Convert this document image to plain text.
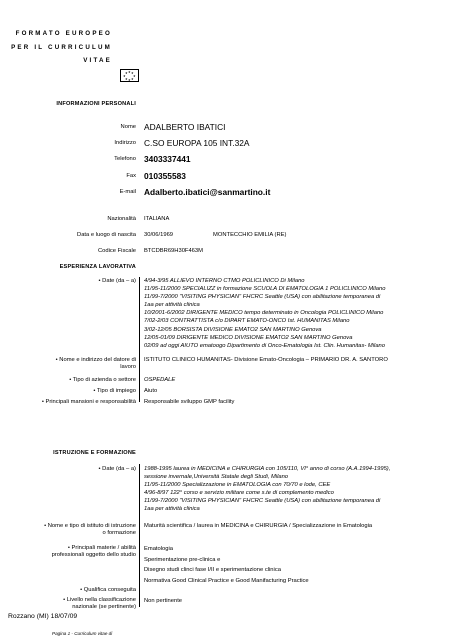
FORMATO EUROPEO
PER IL CURRICULUM
VITAE
★ ★
★
★
★
★
★
★
INFORMAZIONI PERSONALI
Nome ADALBERTO IBATICI
Indirizzo C.SO EUROPA 105 INT.32A
Telefono 3403337441
Fax 010355583
E-mail Adalberto.ibatici@sanmartino.it
Nazionalità ITALIANA
Data e luogo di nascita 30/06/1969	MONTECCHIO EMILIA (RE)
Codice Fiscale BTCDBR69H30F463M
ESPERIENZA LAVORATIVA
• Date (da – a) 4/94-3/95 ALLIEVO INTERNO CTMO POLICLINICO Di Milano
11/95-11/2000 SPECIALIZZ in formazione SCUOLA DI EMATOLOGIA 1 POLICLINICO Milano
11/99-7/2000 "VISITING PHYSICIAN" FHCRC Seattle (USA) con abilitazione temporanea di
1aa per attività clinica
10/2001-6/2002 DIRIGENTE MEDICO tempo determinato in Oncologia POLICLINICO Milano
7/02-2/03 CONTRATTISTA c/o DIPART EMATO-ONCO Ist. HUMANITAS Milano
3/02-12/05 BORSISTA DIVISIONE EMATO2 SAN MARTINO Genova
12/05-01/09 DIRIGENTE MEDICO DIVISIONE EMATO2 SAN MARTINO Genova
02/09 ad oggi AIUTO ematoogo Dipartimento di Onco-Ematologia Ist. Clin. Humanitas- Milano
• Nome e indirizzo del datore di
lavoro
ISTITUTO CLINICO HUMANITAS- Divisione Emato-Oncologia – PRIMARIO DR. A. SANTORO
• Tipo di azienda o settore OSPEDALE
• Tipo di impiego Aiuto
• Principali mansioni e responsabilità Responsabile sviluppo GMP facility
ISTRUZIONE E FORMAZIONE
• Date (da – a) 1988-1995 laurea in MEDICINA e CHIRURGIA con 105/110, VI° anno di corso (A.A.1994-1995),
sessione invernale,Università Statale degli Studi, Milano
11/95-11/2000 Specializzazione in EMATOLOGIA con 70/70 e lode, CEE
4/96-8/97 122° corso e servizio militare come s.te di complemento medico
11/99-7/2000 "VISITING PHYSICIAN" FHCRC Seattle (USA) con abilitazione temporanea di
1aa per attività clinica
• Nome e tipo di istituto di istruzione
o formazione
Maturità scientifica / laurea in MEDICINA e CHIRURGIA / Specializzazione in Ematologia
• Principali materie / abilità
professionali oggetto dello studio
Ematologia
Sperimentazione pre-clinica e
Disegno studi clinci fase I/II e sperimentazione clinica
Normativa Good Clinical Practice e Good Manifacturing Practice
• Qualifica conseguita
• Livello nella classificazione
nazionale (se pertinente)
Non pertinente
Rozzano (MI) 18/07/09
Pagina 1 - Curriculum vitae di
